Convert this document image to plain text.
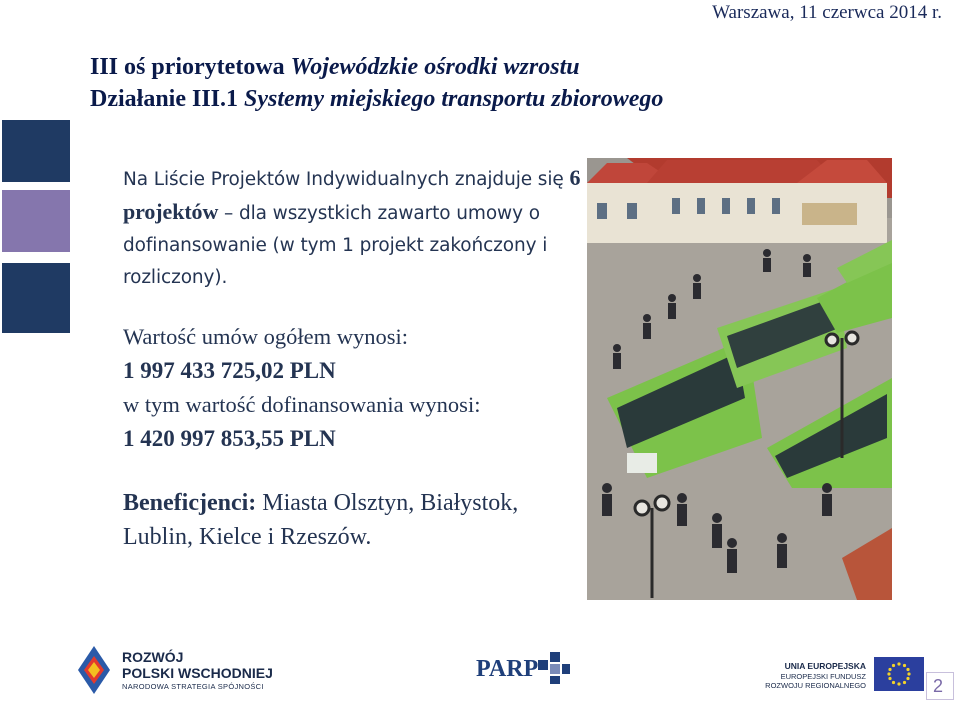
Warszawa, 11 czerwca 2014 r.
III oś priorytetowa Wojewódzkie ośrodki wzrostu
Działanie III.1 Systemy miejskiego transportu zbiorowego
Na Liście Projektów Indywidualnych znajduje się 6 projektów – dla wszystkich zawarto umowy o dofinansowanie (w tym 1 projekt zakończony i rozliczony).
Wartość umów ogółem wynosi:
1 997 433 725,02 PLN
w tym wartość dofinansowania wynosi:
1 420 997 853,55 PLN
Beneficjenci: Miasta Olsztyn, Białystok, Lublin, Kielce i Rzeszów.
ROZWÓJ
POLSKI WSCHODNIEJ
NARODOWA STRATEGIA SPÓJNOŚCI
PARP	UNIA EUROPEJSKA
EUROPEJSKI FUNDUSZ
ROZWOJU REGIONALNEGO	2
